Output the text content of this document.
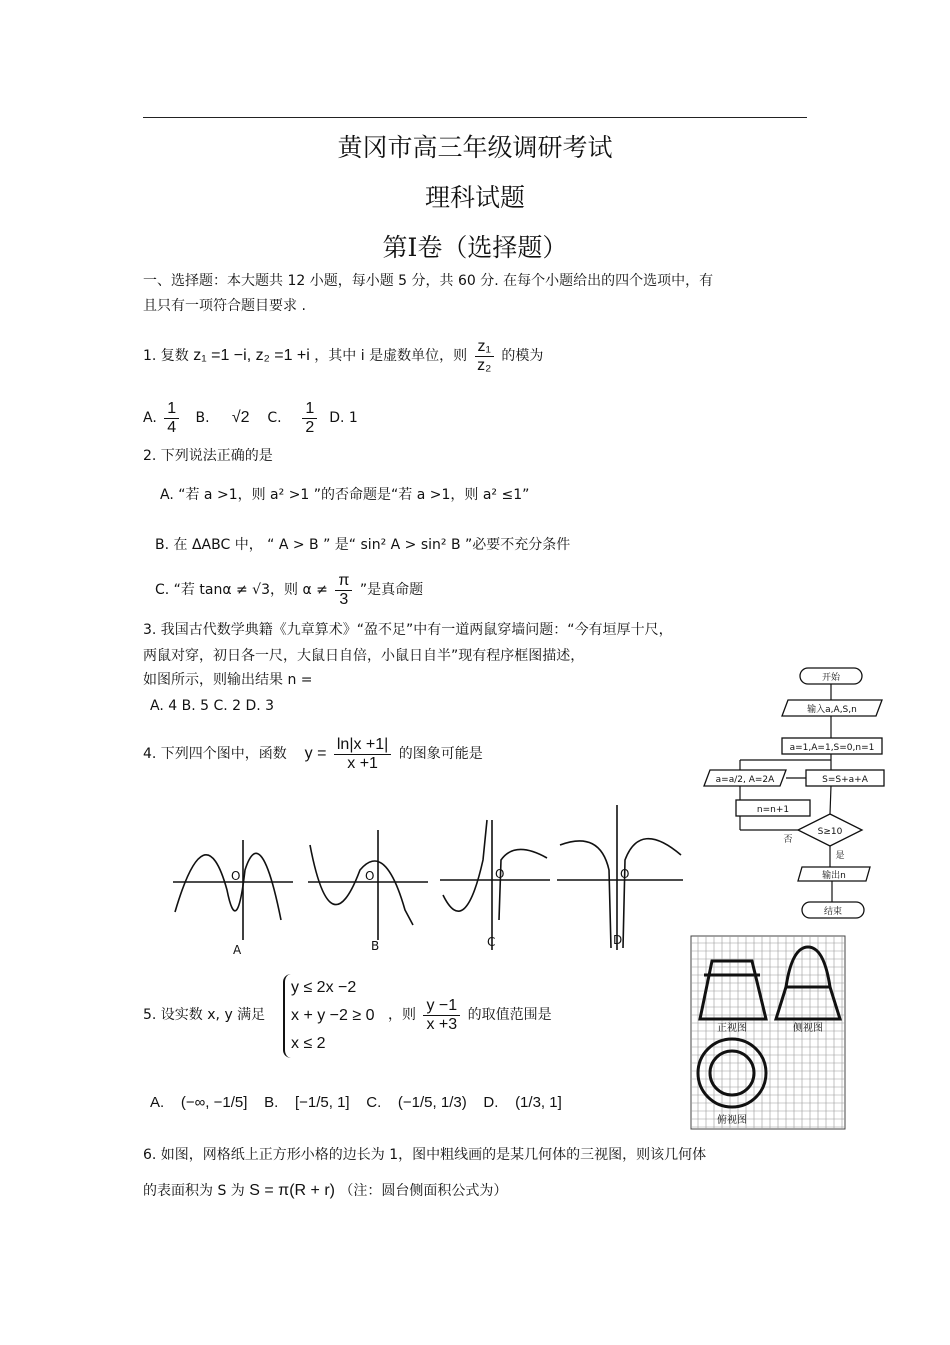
黄冈市高三年级调研考试
理科试题
第Ⅰ卷（选择题）
一、选择题：本大题共 12 小题，每小题 5 分，共 60 分. 在每个小题给出的四个选项中，有
且只有一项符合题目要求 .
1. 复数 z₁ =1 −i, z₂ =1 +i ，其中 i 是虚数单位，则 $\frac{\text{z₁}}{\text{z₂}}$ 的模为
A. $\frac{1}{4} B$. √2 C. $\frac{1}{2} D$. 1
2. 下列说法正确的是
A. “若 a >1，则 a² >1 ”的否命题是“若 a >1，则 a² ≤1”
B. 在 ΔABC 中， “ A > B ” 是“ sin² A > sin² B ”必要不充分条件
C. “若 tanα ≠ √3，则 $\alpha \ne \frac{\pi}{3}$ ”是真命题
3. 我国古代数学典籍《九章算术》“盈不足”中有一道两鼠穿墙问题：“今有垣厚十尺，
两鼠对穿，初日各一尺，大鼠日自倍，小鼠日自半”现有程序框图描述，
如图所示，则输出结果 n =
A. 4 B. 5 C. 2 D. 3
4. 下列四个图中，函数 $y = \frac{\ln|x +1|}{x +1}$ 的图象可能是
O	O	O	O
A	B	C	D
5. 设实数 x, y 满足
y ≤ 2x −2
x + y −2 ≥ 0
x ≤ 2
，则 $\frac{y -1}{x +3}$ 的取值范围是
A. (−∞, −1/5] B. [−1/5, 1] C. (−1/5, 1/3) D. (1/3, 1]
6. 如图，网格纸上正方形小格的边长为 1，图中粗线画的是某几何体的三视图，则该几何体
的表面积为 S 为 S = π(R + r) （注：圆台侧面积公式为）
开始
输入a,A,S,n
a=1,A=1,S=0,n=1
S=S+a+A
a=a/2, A=2A
n=n+1
S≥10
否
是
输出n
结束
正视图	侧视图
俯视图
